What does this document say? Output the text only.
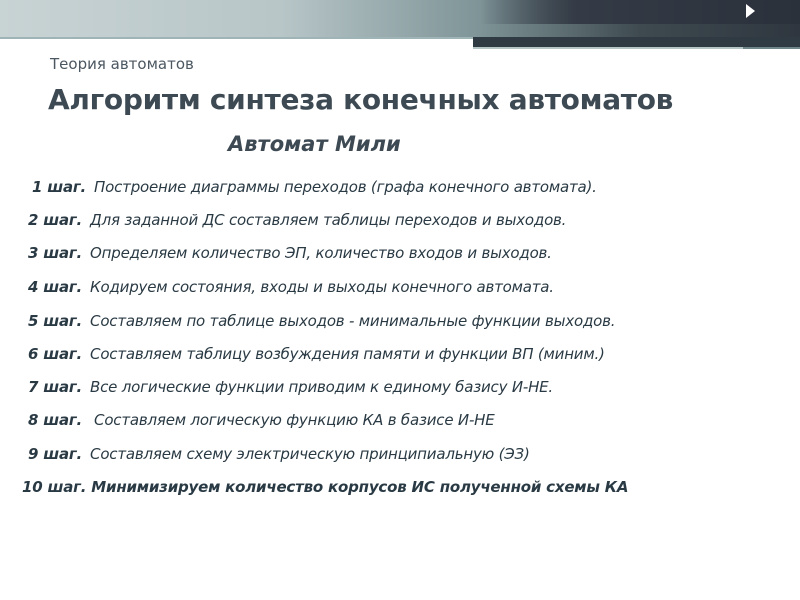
Теория автоматов
Алгоритм синтеза конечных автоматов
Автомат Мили
1 шаг. Построение диаграммы переходов (графа конечного автомата).
2 шаг. Для заданной ДС составляем таблицы переходов и выходов.
3 шаг. Определяем количество ЭП, количество входов и выходов.
4 шаг. Кодируем состояния, входы и выходы конечного автомата.
5 шаг. Составляем по таблице выходов - минимальные функции выходов.
6 шаг. Составляем таблицу возбуждения памяти и функции ВП (миним.)
7 шаг. Все логические функции приводим к единому базису И-НЕ.
8 шаг. Составляем логическую функцию КА в базисе И-НЕ
9 шаг. Составляем схему электрическую принципиальную (ЭЗ)
10 шаг. Минимизируем количество корпусов ИС полученной схемы КА
